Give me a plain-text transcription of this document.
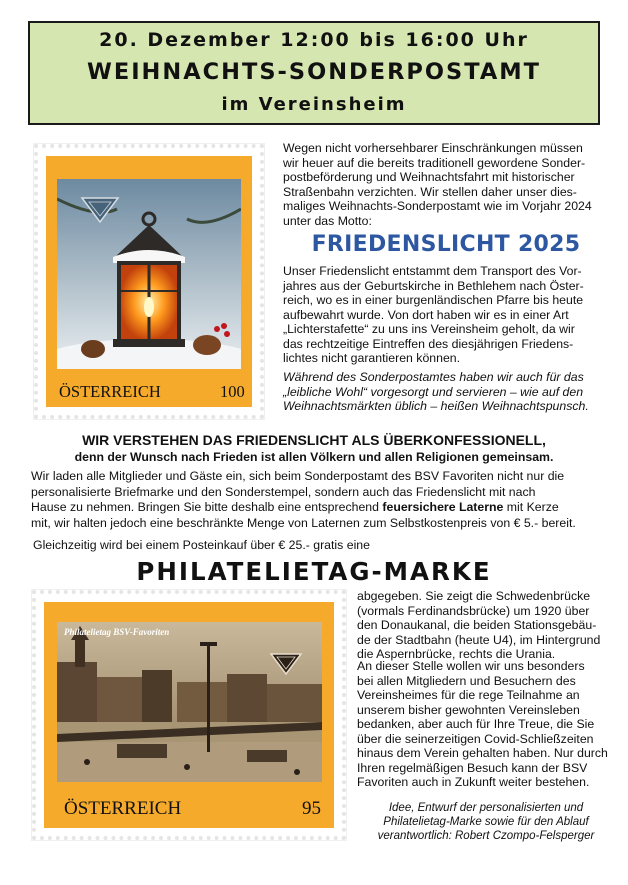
20. Dezember 12:00 bis 16:00 Uhr
WEIHNACHTS-SONDERPOSTAMT
im Vereinsheim
ÖSTERREICH	100
Wegen nicht vorhersehbarer Einschränkungen müssen
wir heuer auf die bereits traditionell gewordene Sonder-
postbeförderung und Weihnachtsfahrt mit historischer
Straßenbahn verzichten. Wir stellen daher unser dies-
maliges Weihnachts-Sonderpostamt wie im Vorjahr 2024
unter das Motto:
FRIEDENSLICHT 2025
Unser Friedenslicht entstammt dem Transport des Vor-
jahres aus der Geburtskirche in Bethlehem nach Öster-
reich, wo es in einer burgenländischen Pfarre bis heute
aufbewahrt wurde. Von dort haben wir es in einer Art
„Lichterstafette“ zu uns ins Vereinsheim geholt, da wir
das rechtzeitige Eintreffen des diesjährigen Friedens-
lichtes nicht garantieren können.
Während des Sonderpostamtes haben wir auch für das
„leibliche Wohl“ vorgesorgt und servieren – wie auf den
Weihnachtsmärkten üblich – heißen Weihnachtspunsch.
WIR VERSTEHEN DAS FRIEDENSLICHT ALS ÜBERKONFESSIONELL,
denn der Wunsch nach Frieden ist allen Völkern und allen Religionen gemeinsam.
Wir laden alle Mitglieder und Gäste ein, sich beim Sonderpostamt des BSV Favoriten nicht nur die
personalisierte Briefmarke und den Sonderstempel, sondern auch das Friedenslicht mit nach
Hause zu nehmen. Bringen Sie bitte deshalb eine entsprechend feuersichere Laterne mit Kerze
mit, wir halten jedoch eine beschränkte Menge von Laternen zum Selbstkostenpreis von € 5.- bereit.
Gleichzeitig wird bei einem Posteinkauf über € 25.- gratis eine
PHILATELIETAG-MARKE
Philatelietag BSV-Favoriten
ÖSTERREICH	95
abgegeben. Sie zeigt die Schwedenbrücke
(vormals Ferdinandsbrücke) um 1920 über
den Donaukanal, die beiden Stationsgebäu-
de der Stadtbahn (heute U4), im Hintergrund
die Aspernbrücke, rechts die Urania.
An dieser Stelle wollen wir uns besonders
bei allen Mitgliedern und Besuchern des
Vereinsheimes für die rege Teilnahme an
unserem bisher gewohnten Vereinsleben
bedanken, aber auch für Ihre Treue, die Sie
über die seinerzeitigen Covid-Schließzeiten
hinaus dem Verein gehalten haben. Nur durch
Ihren regelmäßigen Besuch kann der BSV
Favoriten auch in Zukunft weiter bestehen.
Idee, Entwurf der personalisierten und
Philatelietag-Marke sowie für den Ablauf
verantwortlich: Robert Czompo-Felsperger
